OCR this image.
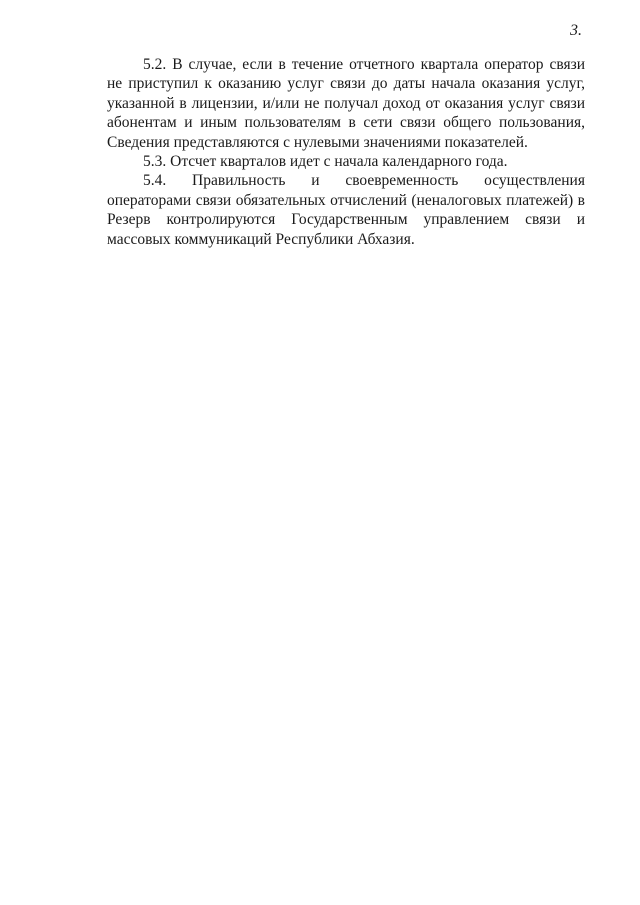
3.

5.2. В случае, если в течение отчетного квартала оператор связи не приступил к оказанию услуг связи до даты начала оказания услуг, указанной в лицензии, и/или не получал доход от оказания услуг связи абонентам и иным пользователям в сети связи общего пользования, Сведения представляются с нулевыми значениями показателей.

5.3. Отсчет кварталов идет с начала календарного года.

5.4. Правильность и своевременность осуществления операторами связи обязательных отчислений (неналоговых платежей) в Резерв контролируются Государственным управлением связи и массовых коммуникаций Республики Абхазия.
